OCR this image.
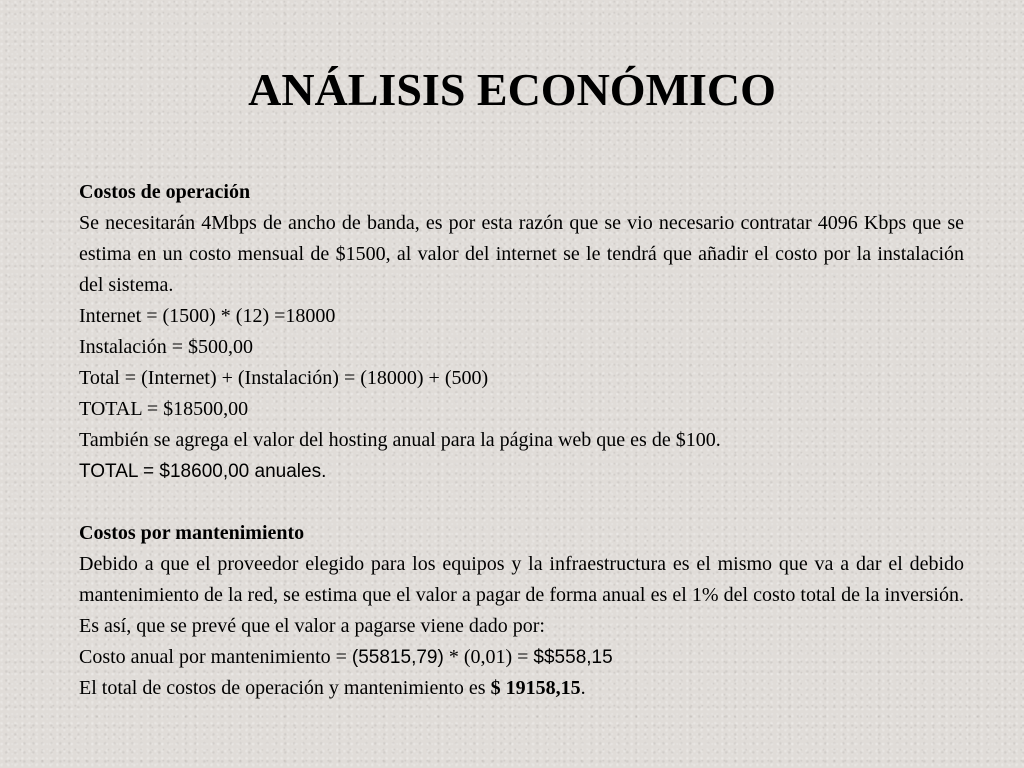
ANÁLISIS ECONÓMICO

Costos de operación

Se necesitarán 4Mbps de ancho de banda, es por esta razón que se vio necesario contratar 4096 Kbps que se estima en un costo mensual de $1500, al valor del internet se le tendrá que añadir el costo por la instalación del sistema.

Internet = (1500) * (12) =18000

Instalación = $500,00

Total = (Internet) + (Instalación) = (18000) + (500)

TOTAL = $18500,00

También se agrega el valor del hosting anual para la página web que es de $100.

TOTAL = $18600,00 anuales.

Costos por mantenimiento

Debido a que el proveedor elegido para los equipos y la infraestructura es el mismo que va a dar el debido mantenimiento de la red, se estima que el valor a pagar de forma anual es el 1% del costo total de la inversión. Es así, que se prevé que el valor a pagarse viene dado por:

Costo anual por mantenimiento = (55815,79) * (0,01) = $$558,15

El total de costos de operación y mantenimiento es $ 19158,15.
